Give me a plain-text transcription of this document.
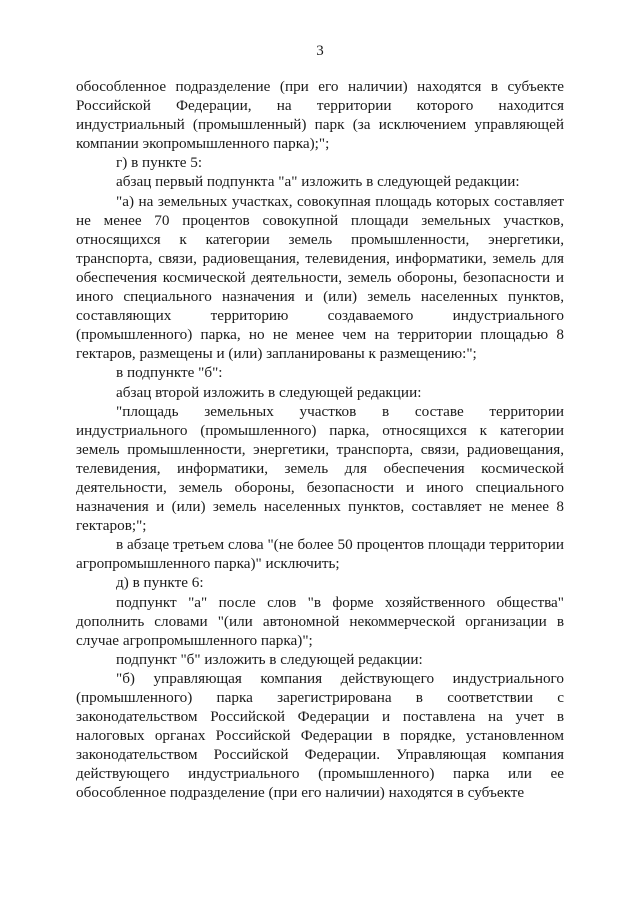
3

обособленное подразделение (при его наличии) находятся в субъекте Российской Федерации, на территории которого находится индустриальный (промышленный) парк (за исключением управляющей компании экопромышленного парка);";

г) в пункте 5:

абзац первый подпункта "а" изложить в следующей редакции:

"а) на земельных участках, совокупная площадь которых составляет не менее 70 процентов совокупной площади земельных участков, относящихся к категории земель промышленности, энергетики, транспорта, связи, радиовещания, телевидения, информатики, земель для обеспечения космической деятельности, земель обороны, безопасности и иного специального назначения и (или) земель населенных пунктов, составляющих территорию создаваемого индустриального (промышленного) парка, но не менее чем на территории площадью 8 гектаров, размещены и (или) запланированы к размещению:";

в подпункте "б":

абзац второй изложить в следующей редакции:

"площадь земельных участков в составе территории индустриального (промышленного) парка, относящихся к категории земель промышленности, энергетики, транспорта, связи, радиовещания, телевидения, информатики, земель для обеспечения космической деятельности, земель обороны, безопасности и иного специального назначения и (или) земель населенных пунктов, составляет не менее 8 гектаров;";

в абзаце третьем слова "(не более 50 процентов площади территории агропромышленного парка)" исключить;

д) в пункте 6:

подпункт "а" после слов "в форме хозяйственного общества" дополнить словами "(или автономной некоммерческой организации в случае агропромышленного парка)";

подпункт "б" изложить в следующей редакции:

"б) управляющая компания действующего индустриального (промышленного) парка зарегистрирована в соответствии с законодательством Российской Федерации и поставлена на учет в налоговых органах Российской Федерации в порядке, установленном законодательством Российской Федерации. Управляющая компания действующего индустриального (промышленного) парка или ее обособленное подразделение (при его наличии) находятся в субъекте
